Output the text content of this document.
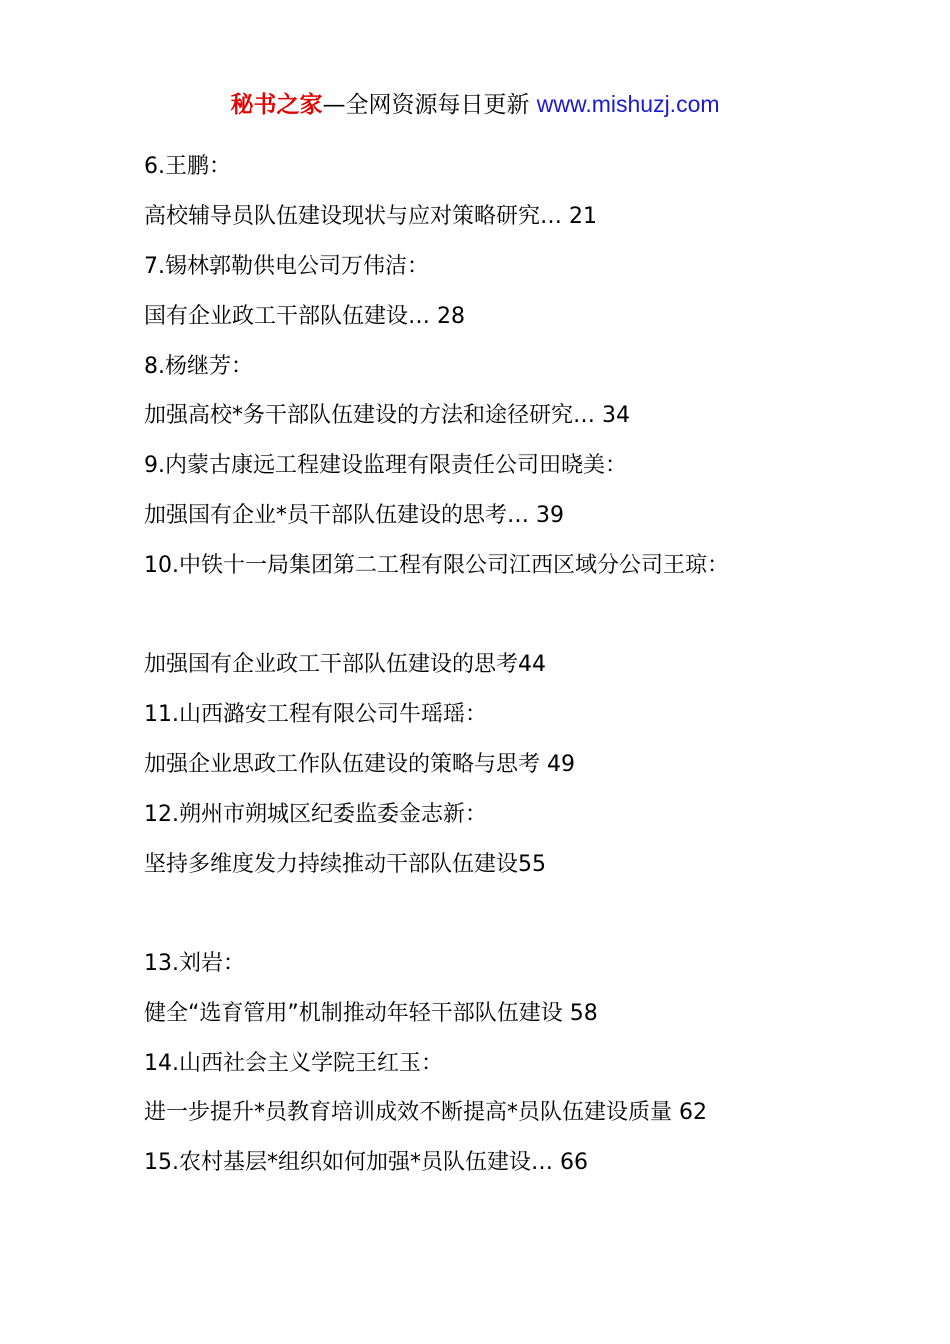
秘书之家—全网资源每日更新 www.mishuzj.com
6.王鹏：
高校辅导员队伍建设现状与应对策略研究… 21
7.锡林郭勒供电公司万伟洁：
国有企业政工干部队伍建设… 28
8.杨继芳：
加强高校*务干部队伍建设的方法和途径研究… 34
9.内蒙古康远工程建设监理有限责任公司田晓美：
加强国有企业*员干部队伍建设的思考… 39
10.中铁十一局集团第二工程有限公司江西区域分公司王琼：
加强国有企业政工干部队伍建设的思考44
11.山西潞安工程有限公司牛瑶瑶：
加强企业思政工作队伍建设的策略与思考 49
12.朔州市朔城区纪委监委金志新：
坚持多维度发力持续推动干部队伍建设55
13.刘岩：
健全“选育管用”机制推动年轻干部队伍建设 58
14.山西社会主义学院王红玉：
进一步提升*员教育培训成效不断提高*员队伍建设质量 62
15.农村基层*组织如何加强*员队伍建设… 66
